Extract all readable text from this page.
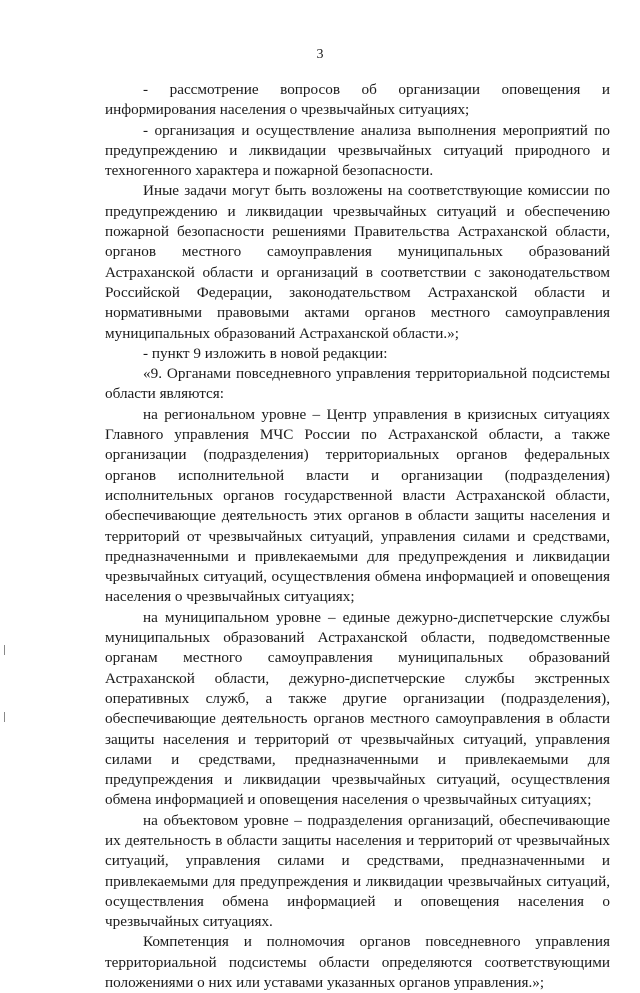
3

- рассмотрение вопросов об организации оповещения и информирования населения о чрезвычайных ситуациях;

- организация и осуществление анализа выполнения мероприятий по предупреждению и ликвидации чрезвычайных ситуаций природного и техногенного характера и пожарной безопасности.

Иные задачи могут быть возложены на соответствующие комиссии по предупреждению и ликвидации чрезвычайных ситуаций и обеспечению пожарной безопасности решениями Правительства Астраханской области, органов местного самоуправления муниципальных образований Астраханской области и организаций в соответствии с законодательством Российской Федерации, законодательством Астраханской области и нормативными правовыми актами органов местного самоуправления муниципальных образований Астраханской области.»;

- пункт 9 изложить в новой редакции:

«9. Органами повседневного управления территориальной подсистемы области являются:

на региональном уровне – Центр управления в кризисных ситуациях Главного управления МЧС России по Астраханской области, а также организации (подразделения) территориальных органов федеральных органов исполнительной власти и организации (подразделения) исполнительных органов государственной власти Астраханской области, обеспечивающие деятельность этих органов в области защиты населения и территорий от чрезвычайных ситуаций, управления силами и средствами, предназначенными и привлекаемыми для предупреждения и ликвидации чрезвычайных ситуаций, осуществления обмена информацией и оповещения населения о чрезвычайных ситуациях;

на муниципальном уровне – единые дежурно-диспетчерские службы муниципальных образований Астраханской области, подведомственные органам местного самоуправления муниципальных образований Астраханской области, дежурно-диспетчерские службы экстренных оперативных служб, а также другие организации (подразделения), обеспечивающие деятельность органов местного самоуправления в области защиты населения и территорий от чрезвычайных ситуаций, управления силами и средствами, предназначенными и привлекаемыми для предупреждения и ликвидации чрезвычайных ситуаций, осуществления обмена информацией и оповещения населения о чрезвычайных ситуациях;

на объектовом уровне – подразделения организаций, обеспечивающие их деятельность в области защиты населения и территорий от чрезвычайных ситуаций, управления силами и средствами, предназначенными и привлекаемыми для предупреждения и ликвидации чрезвычайных ситуаций, осуществления обмена информацией и оповещения населения о чрезвычайных ситуациях.

Компетенция и полномочия органов повседневного управления территориальной подсистемы области определяются соответствующими положениями о них или уставами указанных органов управления.»;
